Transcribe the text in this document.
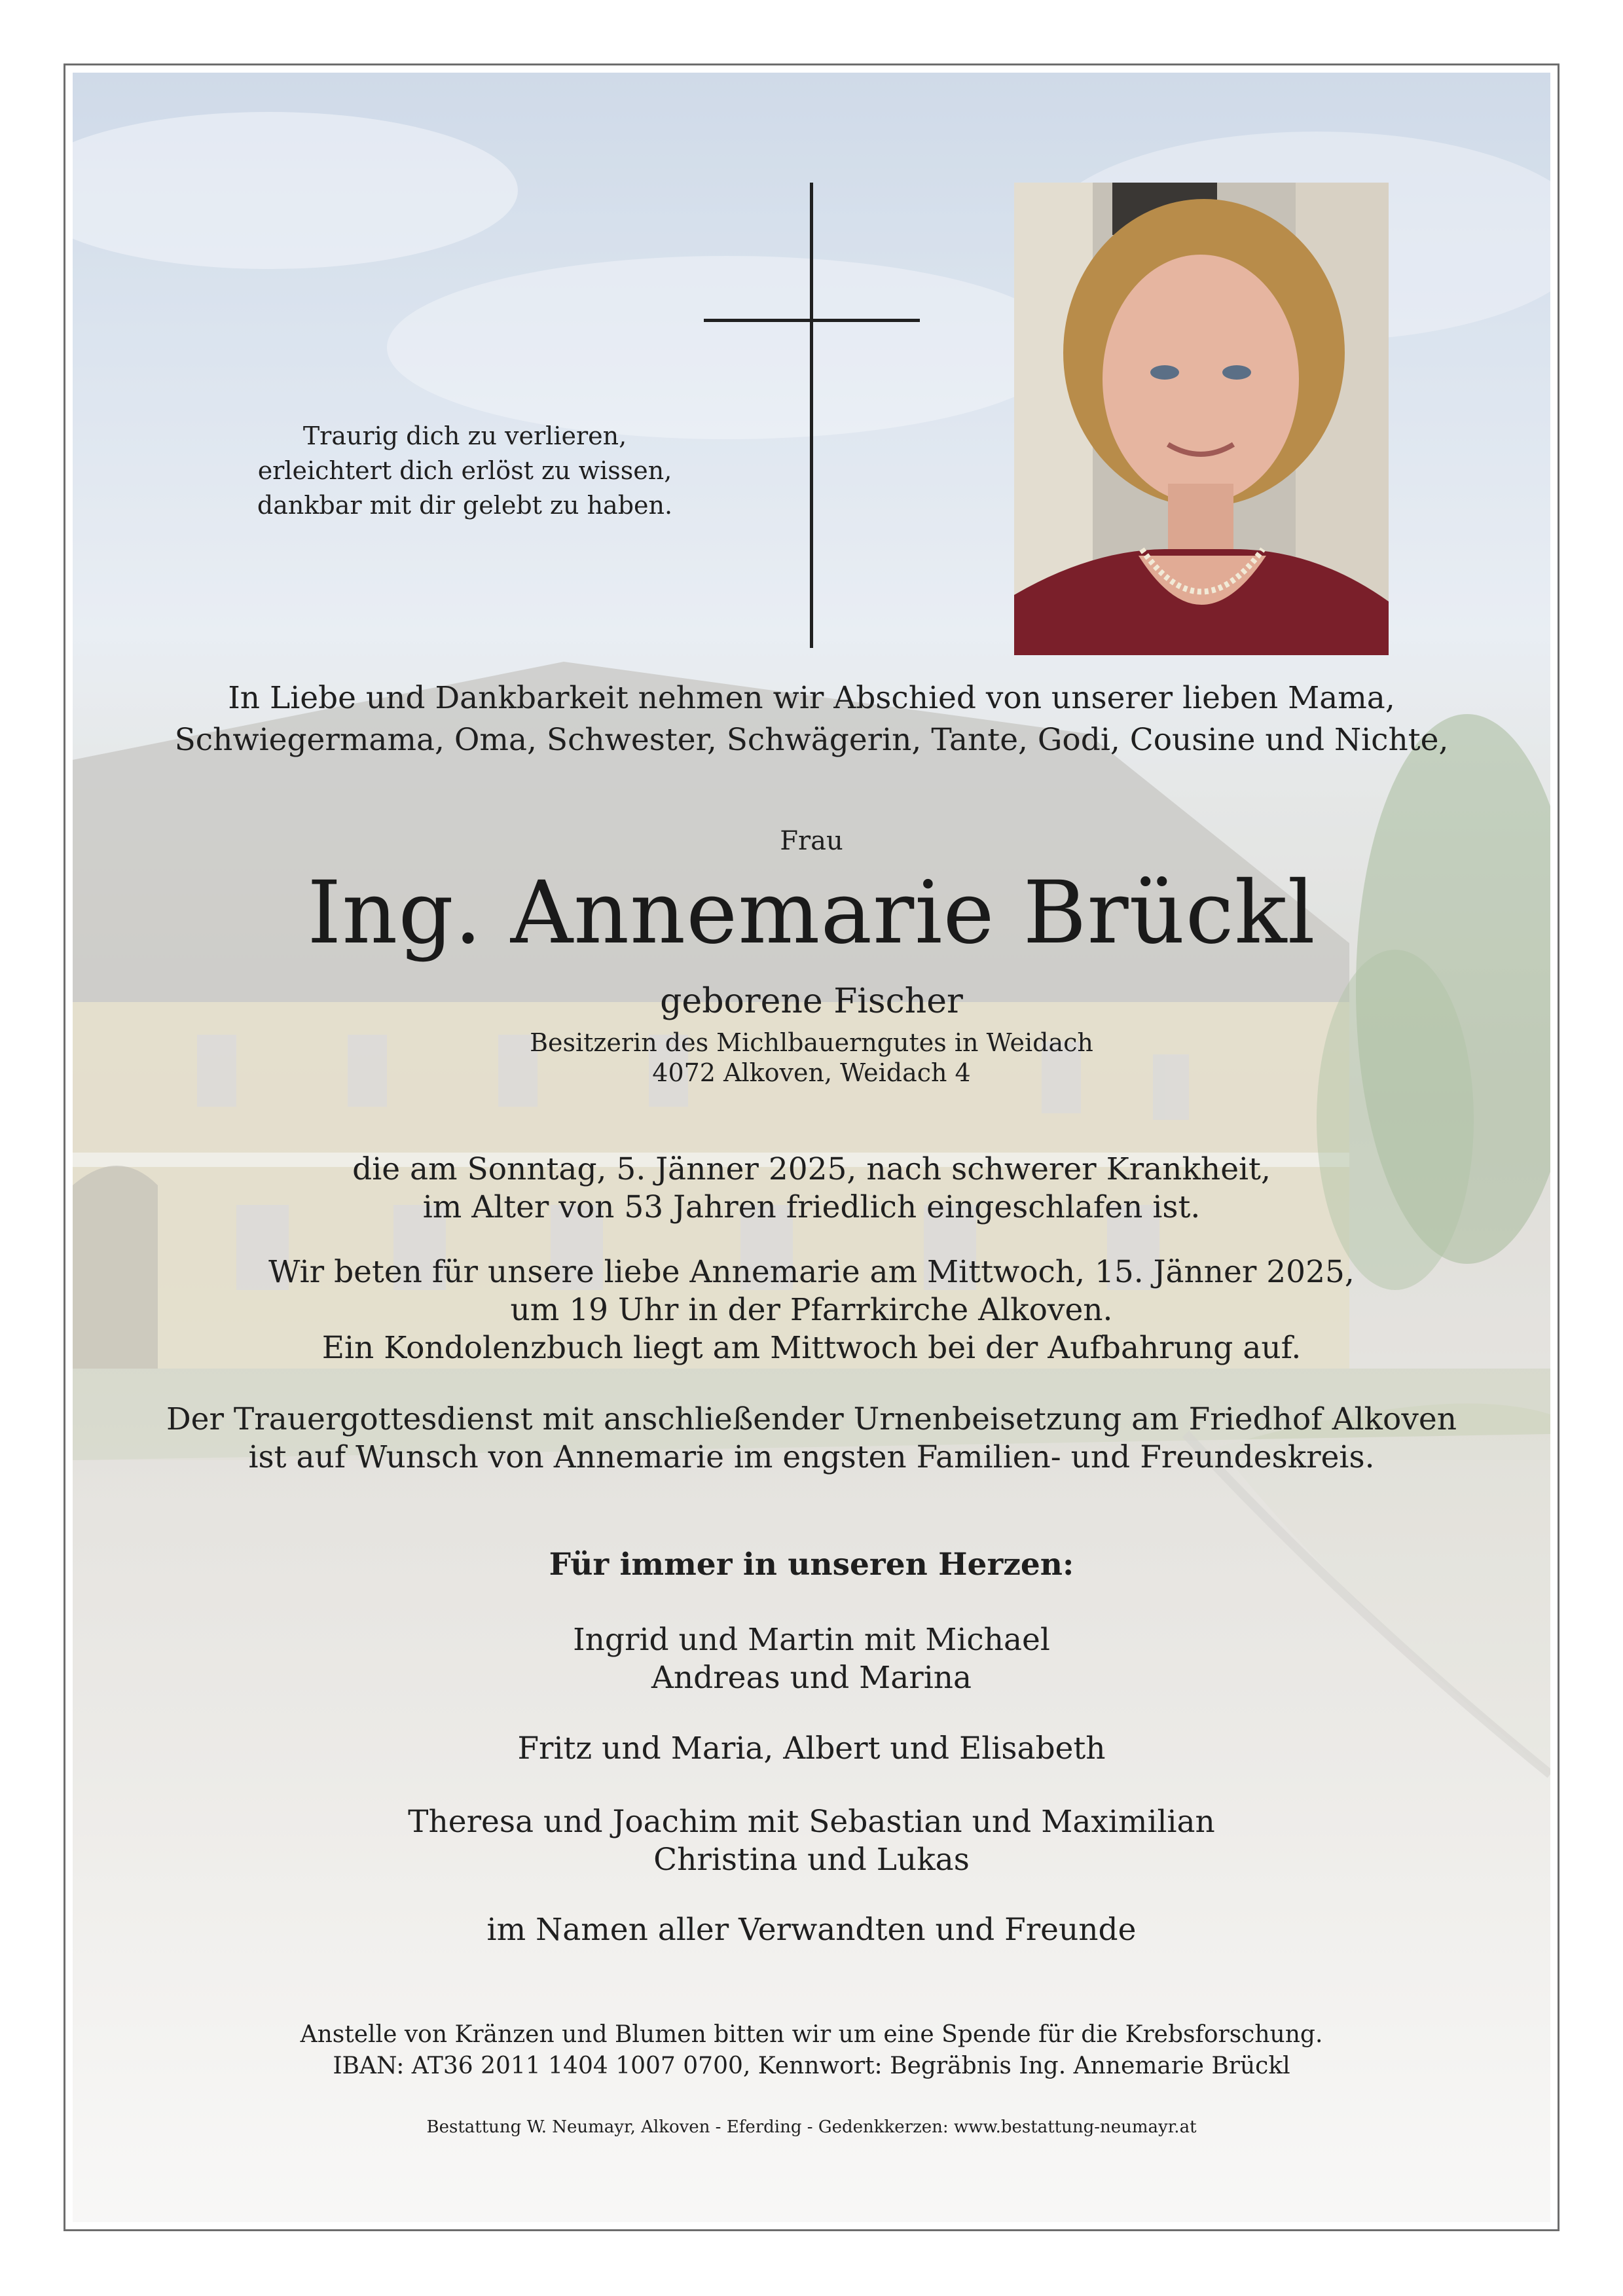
Traurig dich zu verlieren,
erleichtert dich erlöst zu wissen,
dankbar mit dir gelebt zu haben.
In Liebe und Dankbarkeit nehmen wir Abschied von unserer lieben Mama,
Schwiegermama, Oma, Schwester, Schwägerin, Tante, Godi, Cousine und Nichte,
Frau
Ing. Annemarie Brückl
geborene Fischer
Besitzerin des Michlbauerngutes in Weidach
4072 Alkoven, Weidach 4
die am Sonntag, 5. Jänner 2025, nach schwerer Krankheit,
im Alter von 53 Jahren friedlich eingeschlafen ist.
Wir beten für unsere liebe Annemarie am Mittwoch, 15. Jänner 2025,
um 19 Uhr in der Pfarrkirche Alkoven.
Ein Kondolenzbuch liegt am Mittwoch bei der Aufbahrung auf.
Der Trauergottesdienst mit anschließender Urnenbeisetzung am Friedhof Alkoven
ist auf Wunsch von Annemarie im engsten Familien- und Freundeskreis.
Für immer in unseren Herzen:
Ingrid und Martin mit Michael
Andreas und Marina
Fritz und Maria, Albert und Elisabeth
Theresa und Joachim mit Sebastian und Maximilian
Christina und Lukas
im Namen aller Verwandten und Freunde
Anstelle von Kränzen und Blumen bitten wir um eine Spende für die Krebsforschung.
IBAN: AT36 2011 1404 1007 0700, Kennwort: Begräbnis Ing. Annemarie Brückl
Bestattung W. Neumayr, Alkoven - Eferding - Gedenkkerzen: www.bestattung-neumayr.at
